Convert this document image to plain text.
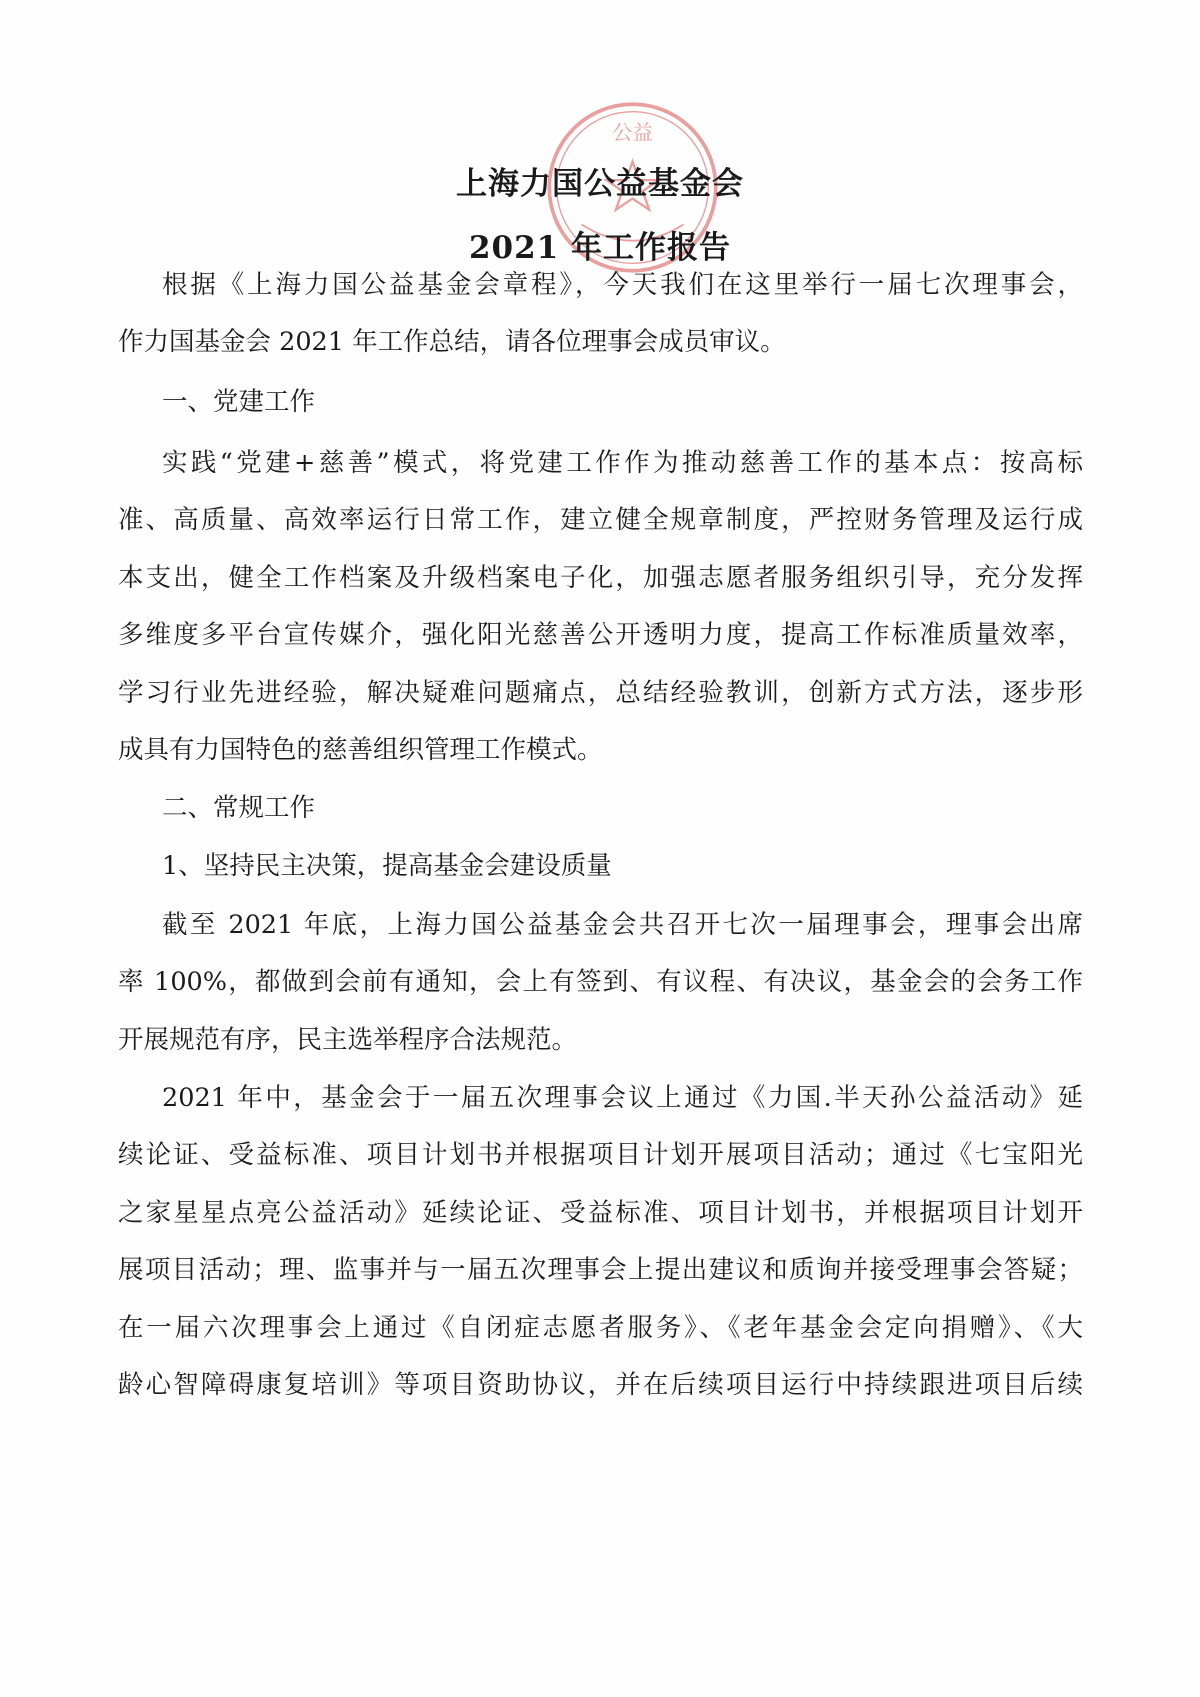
公益
上海力国公益基金会
2021 年工作报告
根据《上海力国公益基金会章程》，今天我们在这里举行一届七次理事会，
作力国基金会 2021 年工作总结，请各位理事会成员审议。
一、党建工作
实践“党建+慈善”模式，将党建工作作为推动慈善工作的基本点：按高标
准、高质量、高效率运行日常工作，建立健全规章制度，严控财务管理及运行成
本支出，健全工作档案及升级档案电子化，加强志愿者服务组织引导，充分发挥
多维度多平台宣传媒介，强化阳光慈善公开透明力度，提高工作标准质量效率，
学习行业先进经验，解决疑难问题痛点，总结经验教训，创新方式方法，逐步形
成具有力国特色的慈善组织管理工作模式。
二、常规工作
1、坚持民主决策，提高基金会建设质量
截至 2021 年底，上海力国公益基金会共召开七次一届理事会，理事会出席
率 100%，都做到会前有通知，会上有签到、有议程、有决议，基金会的会务工作
开展规范有序，民主选举程序合法规范。
2021 年中，基金会于一届五次理事会议上通过《力国.半天孙公益活动》延
续论证、受益标准、项目计划书并根据项目计划开展项目活动；通过《七宝阳光
之家星星点亮公益活动》延续论证、受益标准、项目计划书，并根据项目计划开
展项目活动；理、监事并与一届五次理事会上提出建议和质询并接受理事会答疑；
在一届六次理事会上通过《自闭症志愿者服务》、《老年基金会定向捐赠》、《大
龄心智障碍康复培训》等项目资助协议，并在后续项目运行中持续跟进项目后续
